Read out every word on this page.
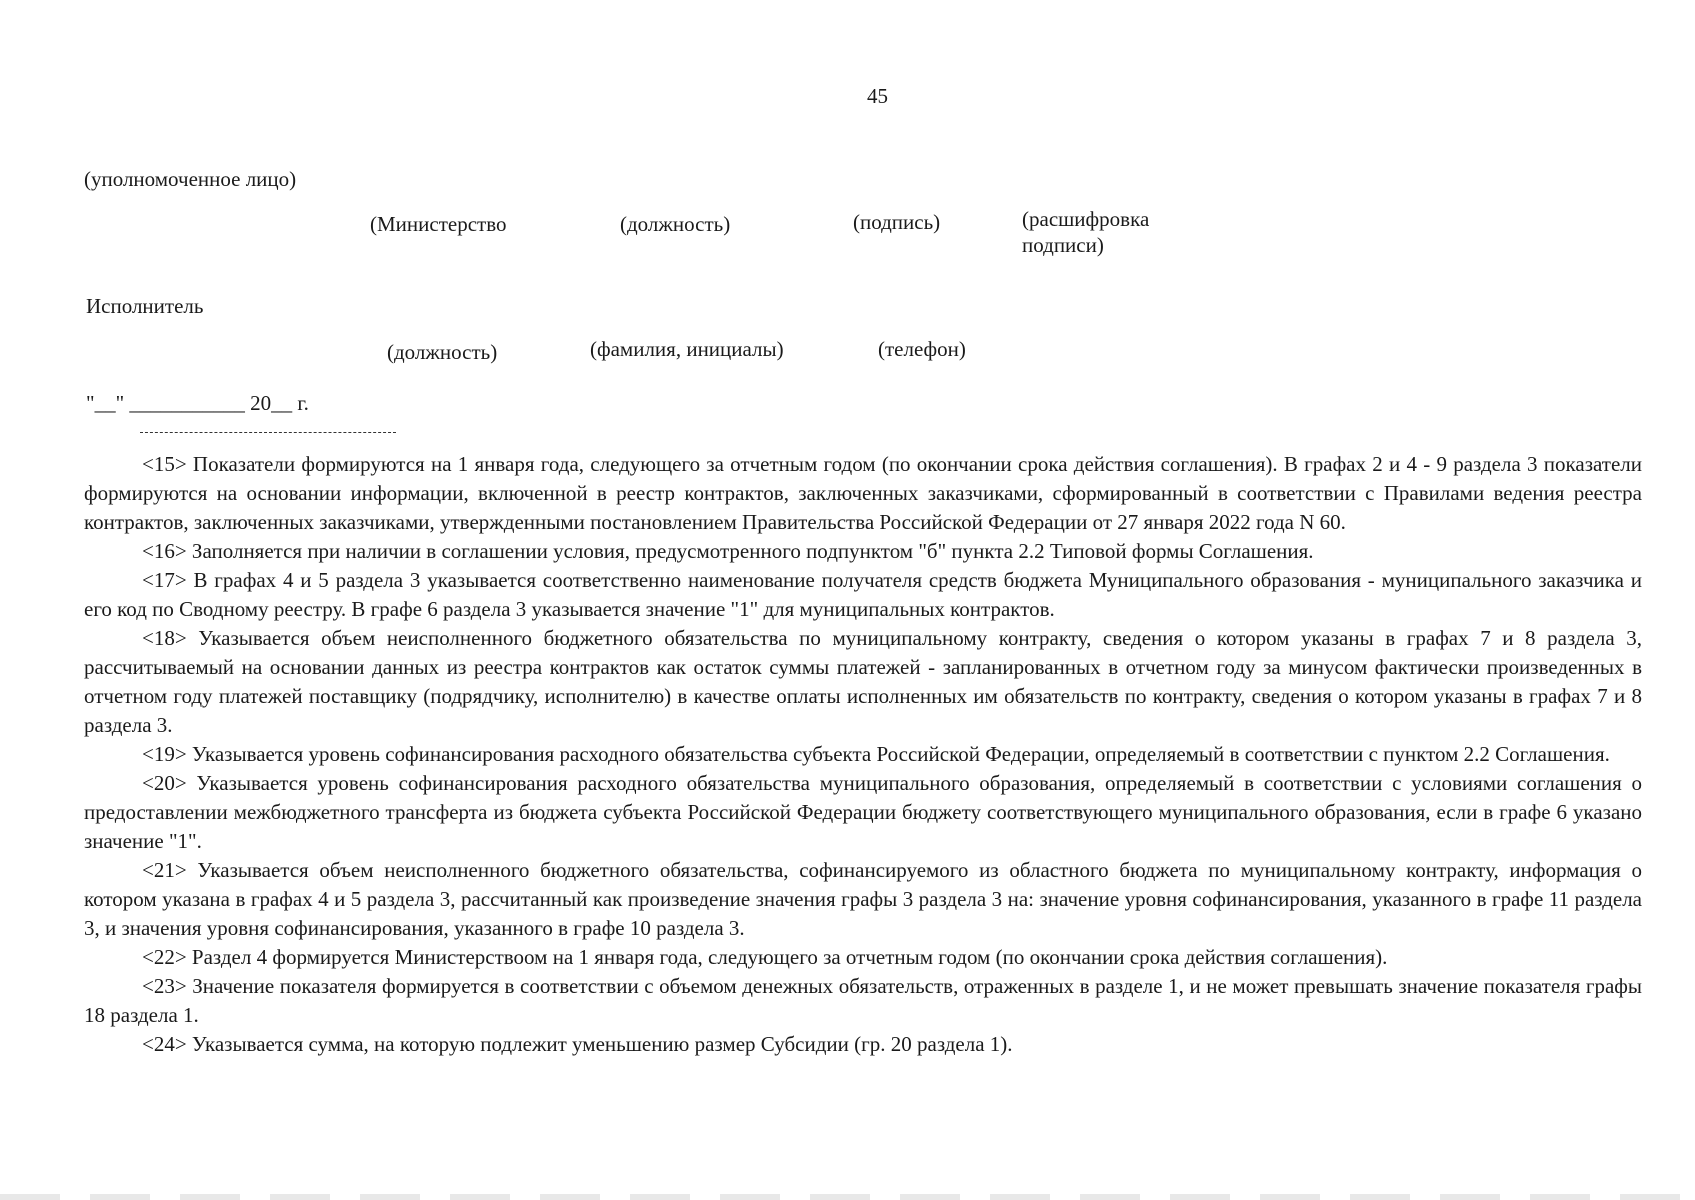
45
(уполномоченное лицо)
(Министерство	(должность)	(подпись)	(расшифровка подписи)
Исполнитель
(должность)	(фамилия, инициалы)	(телефон)
"__" ___________ 20__ г.

<15> Показатели формируются на 1 января года, следующего за отчетным годом (по окончании срока действия соглашения). В графах 2 и 4 - 9 раздела 3 показатели формируются на основании информации, включенной в реестр контрактов, заключенных заказчиками, сформированный в соответствии с Правилами ведения реестра контрактов, заключенных заказчиками, утвержденными постановлением Правительства Российской Федерации от 27 января 2022 года N 60.

<16> Заполняется при наличии в соглашении условия, предусмотренного подпунктом "б" пункта 2.2 Типовой формы Соглашения.

<17> В графах 4 и 5 раздела 3 указывается соответственно наименование получателя средств бюджета Муниципального образования - муниципального заказчика и его код по Сводному реестру. В графе 6 раздела 3 указывается значение "1" для муниципальных контрактов.

<18> Указывается объем неисполненного бюджетного обязательства по муниципальному контракту, сведения о котором указаны в графах 7 и 8 раздела 3, рассчитываемый на основании данных из реестра контрактов как остаток суммы платежей - запланированных в отчетном году за минусом фактически произведенных в отчетном году платежей поставщику (подрядчику, исполнителю) в качестве оплаты исполненных им обязательств по контракту, сведения о котором указаны в графах 7 и 8 раздела 3.

<19> Указывается уровень софинансирования расходного обязательства субъекта Российской Федерации, определяемый в соответствии с пунктом 2.2 Соглашения.

<20> Указывается уровень софинансирования расходного обязательства муниципального образования, определяемый в соответствии с условиями соглашения о предоставлении межбюджетного трансферта из бюджета субъекта Российской Федерации бюджету соответствующего муниципального образования, если в графе 6 указано значение "1".

<21> Указывается объем неисполненного бюджетного обязательства, софинансируемого из областного бюджета по муниципальному контракту, информация о котором указана в графах 4 и 5 раздела 3, рассчитанный как произведение значения графы 3 раздела 3 на: значение уровня софинансирования, указанного в графе 11 раздела 3, и значения уровня софинансирования, указанного в графе 10 раздела 3.

<22> Раздел 4 формируется Министерствоом на 1 января года, следующего за отчетным годом (по окончании срока действия соглашения).

<23> Значение показателя формируется в соответствии с объемом денежных обязательств, отраженных в разделе 1, и не может превышать значение показателя графы 18 раздела 1.

<24> Указывается сумма, на которую подлежит уменьшению размер Субсидии (гр. 20 раздела 1).
